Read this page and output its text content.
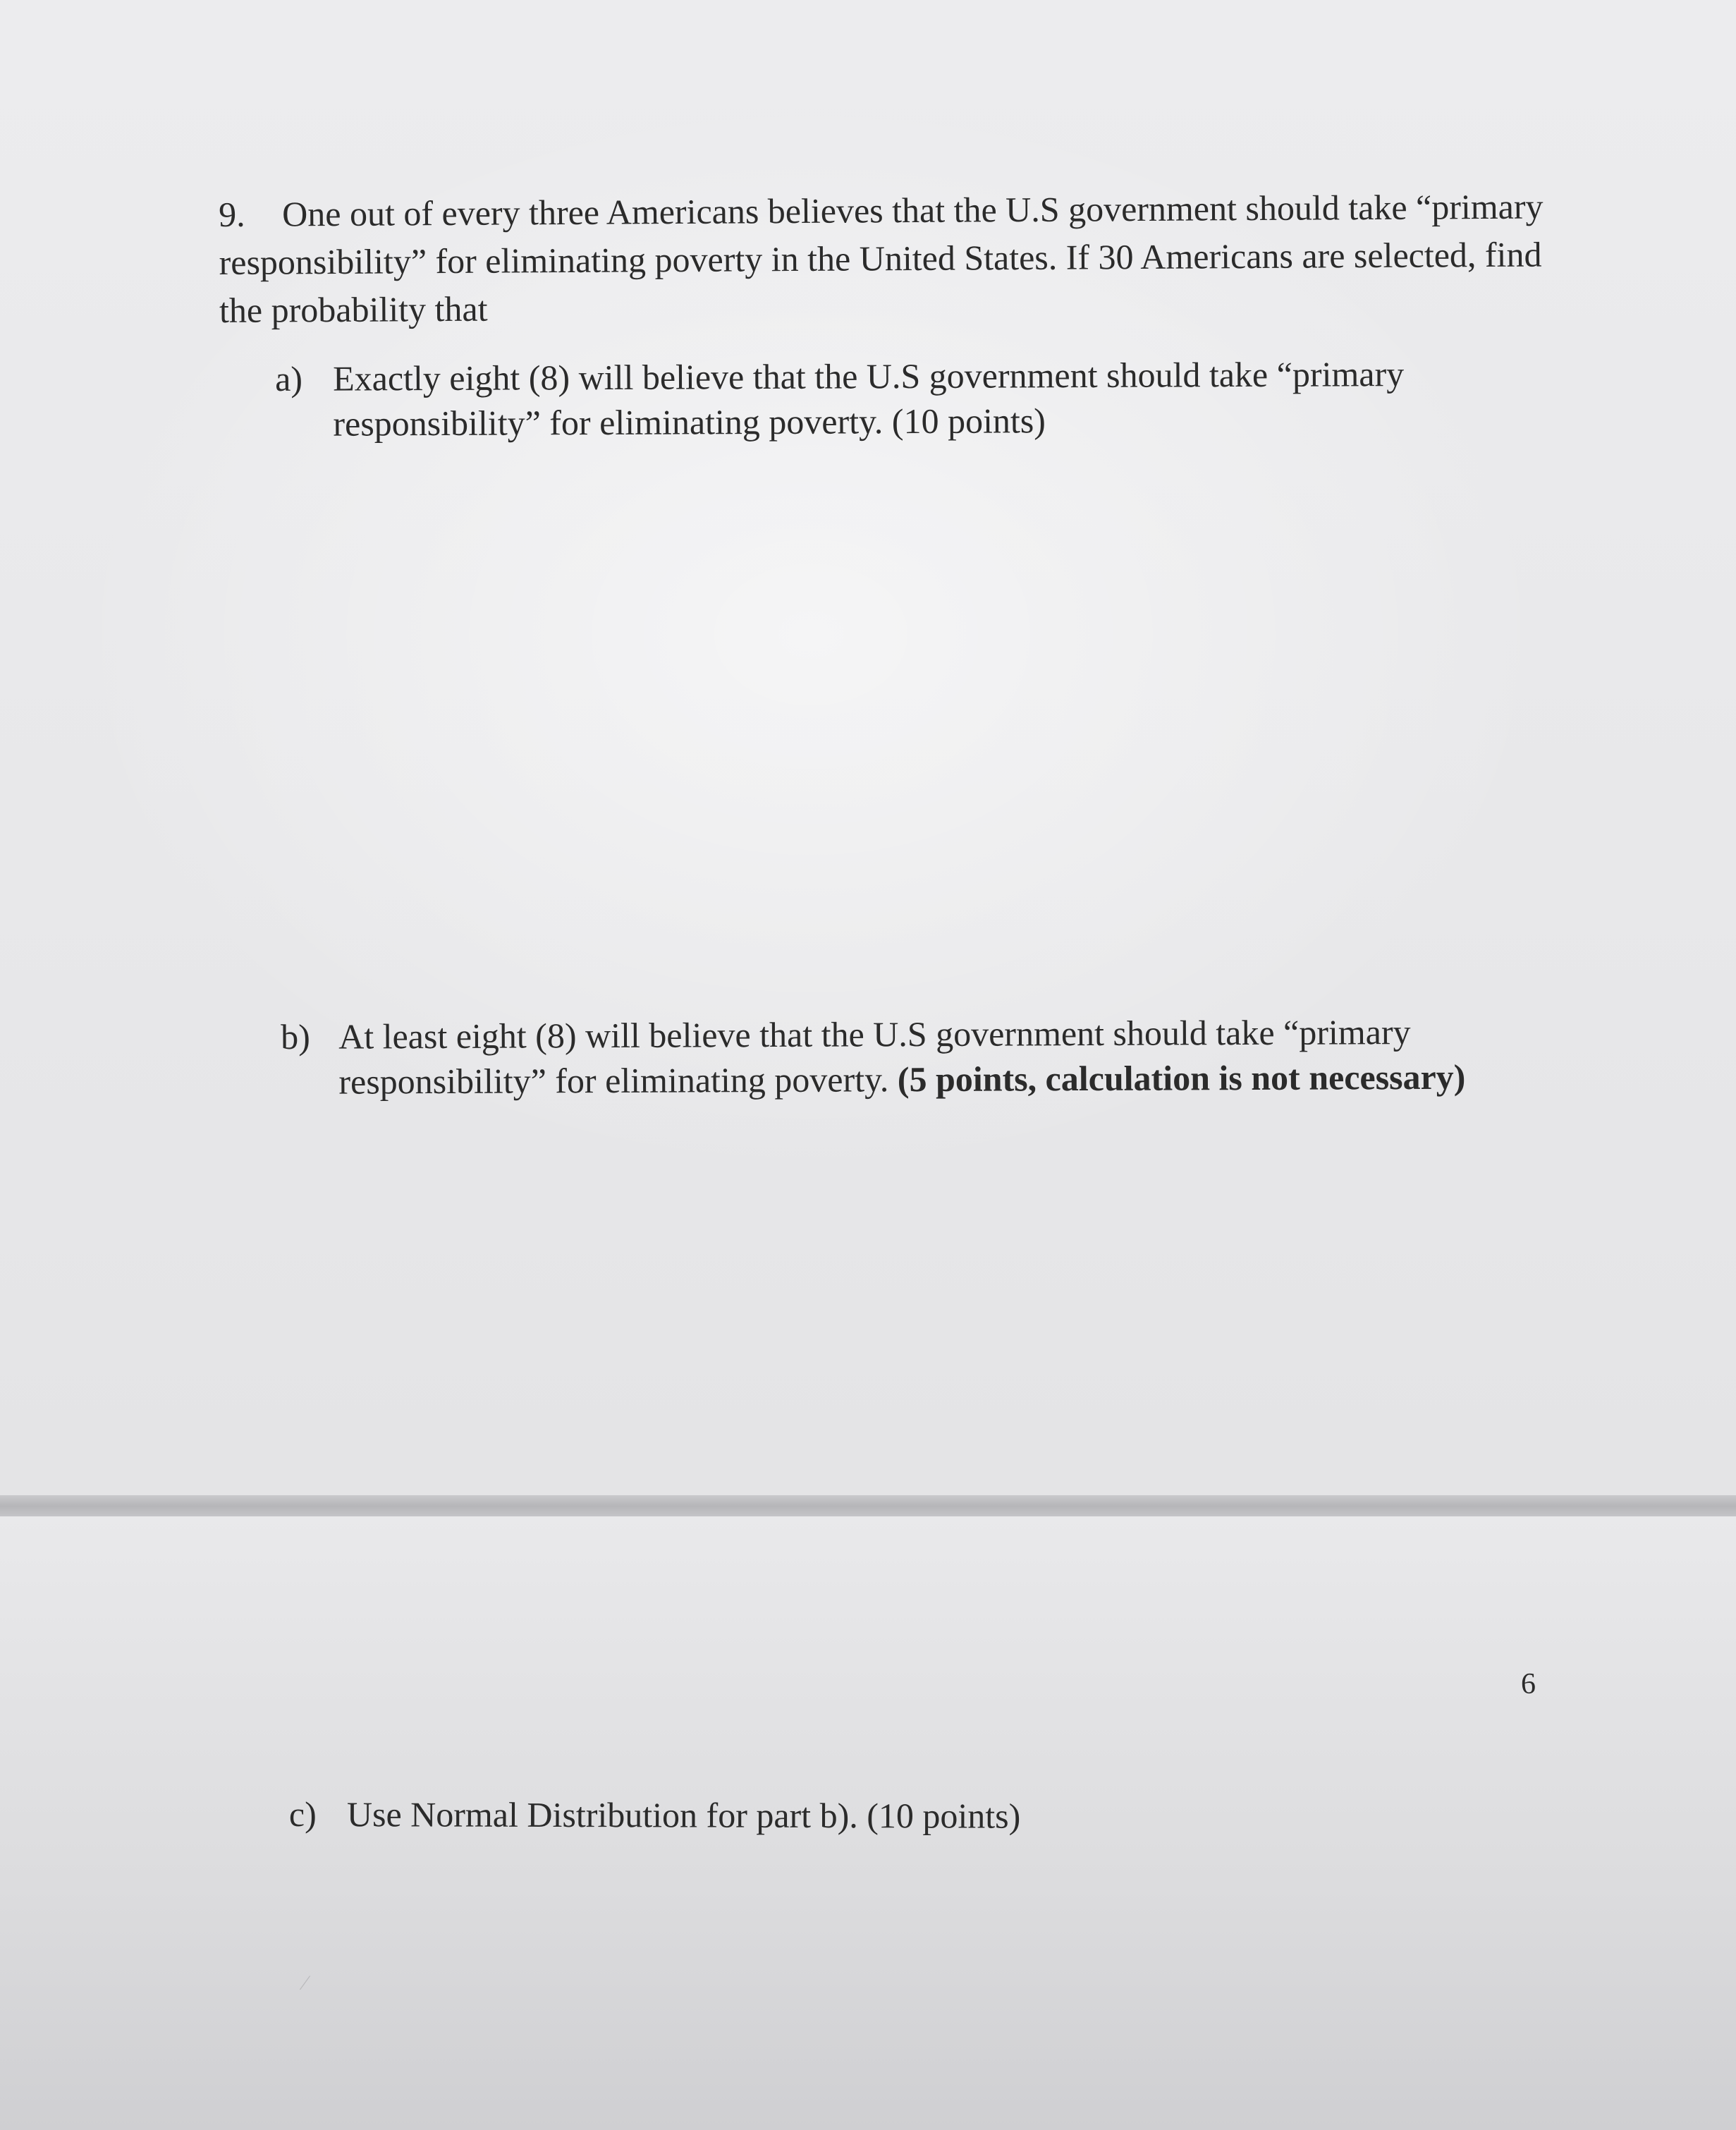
9. One out of every three Americans believes that the U.S government should take “primary responsibility” for eliminating poverty in the United States. If 30 Americans are selected, find the probability that
a) Exactly eight (8) will believe that the U.S government should take “primary responsibility” for eliminating poverty. (10 points)
b) At least eight (8) will believe that the U.S government should take “primary responsibility” for eliminating poverty. (5 points, calculation is not necessary)
6
c) Use Normal Distribution for part b). (10 points)
⁄
